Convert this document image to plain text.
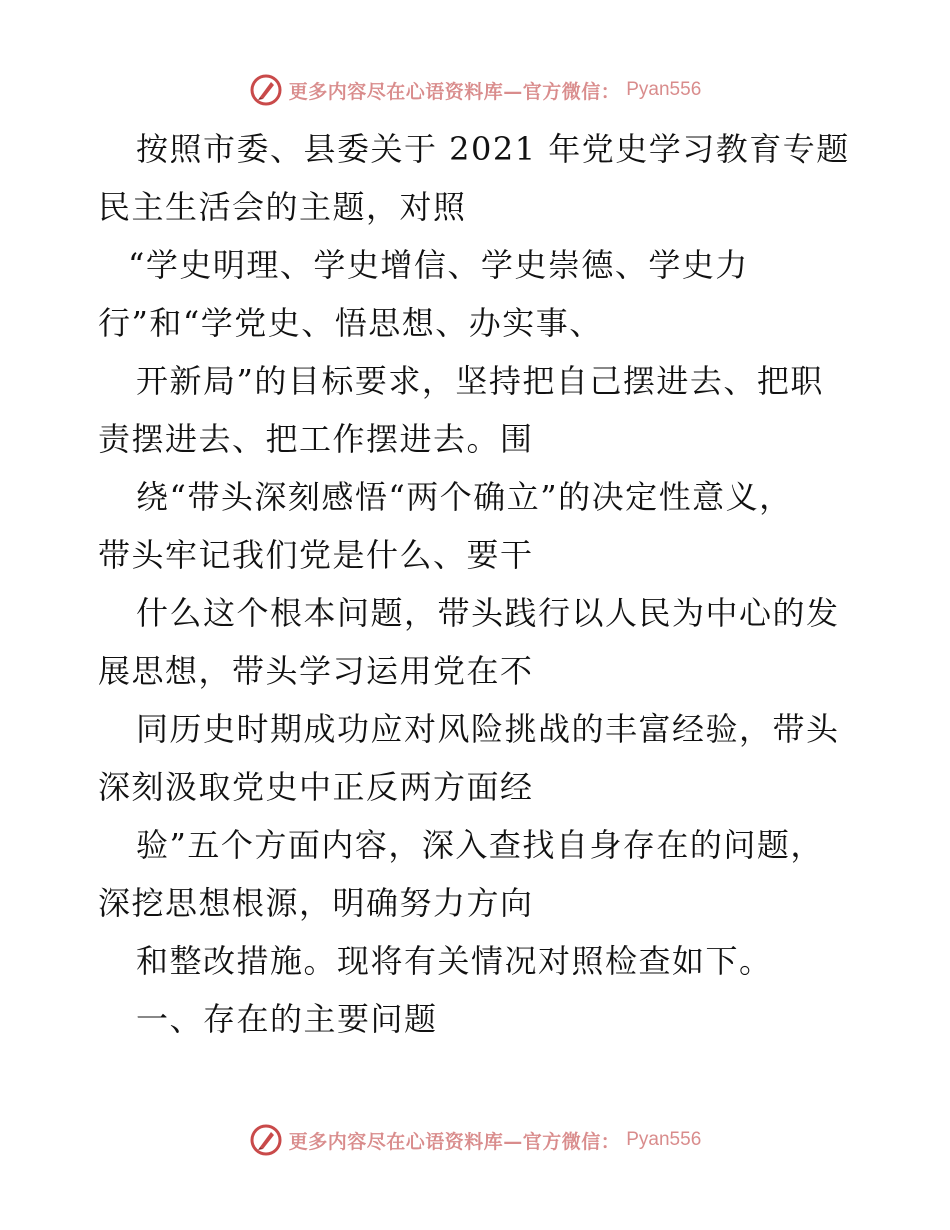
更多内容尽在心语资料库—官方微信： Pyan556
按照市委、县委关于 2021 年党史学习教育专题
民主生活会的主题，对照
“学史明理、学史增信、学史崇德、学史力
行”和“学党史、悟思想、办实事、
开新局”的目标要求，坚持把自己摆进去、把职
责摆进去、把工作摆进去。围
绕“带头深刻感悟“两个确立”的决定性意义，
带头牢记我们党是什么、要干
什么这个根本问题，带头践行以人民为中心的发
展思想，带头学习运用党在不
同历史时期成功应对风险挑战的丰富经验，带头
深刻汲取党史中正反两方面经
验”五个方面内容，深入查找自身存在的问题，
深挖思想根源，明确努力方向
和整改措施。现将有关情况对照检查如下。
一、存在的主要问题
更多内容尽在心语资料库—官方微信： Pyan556
